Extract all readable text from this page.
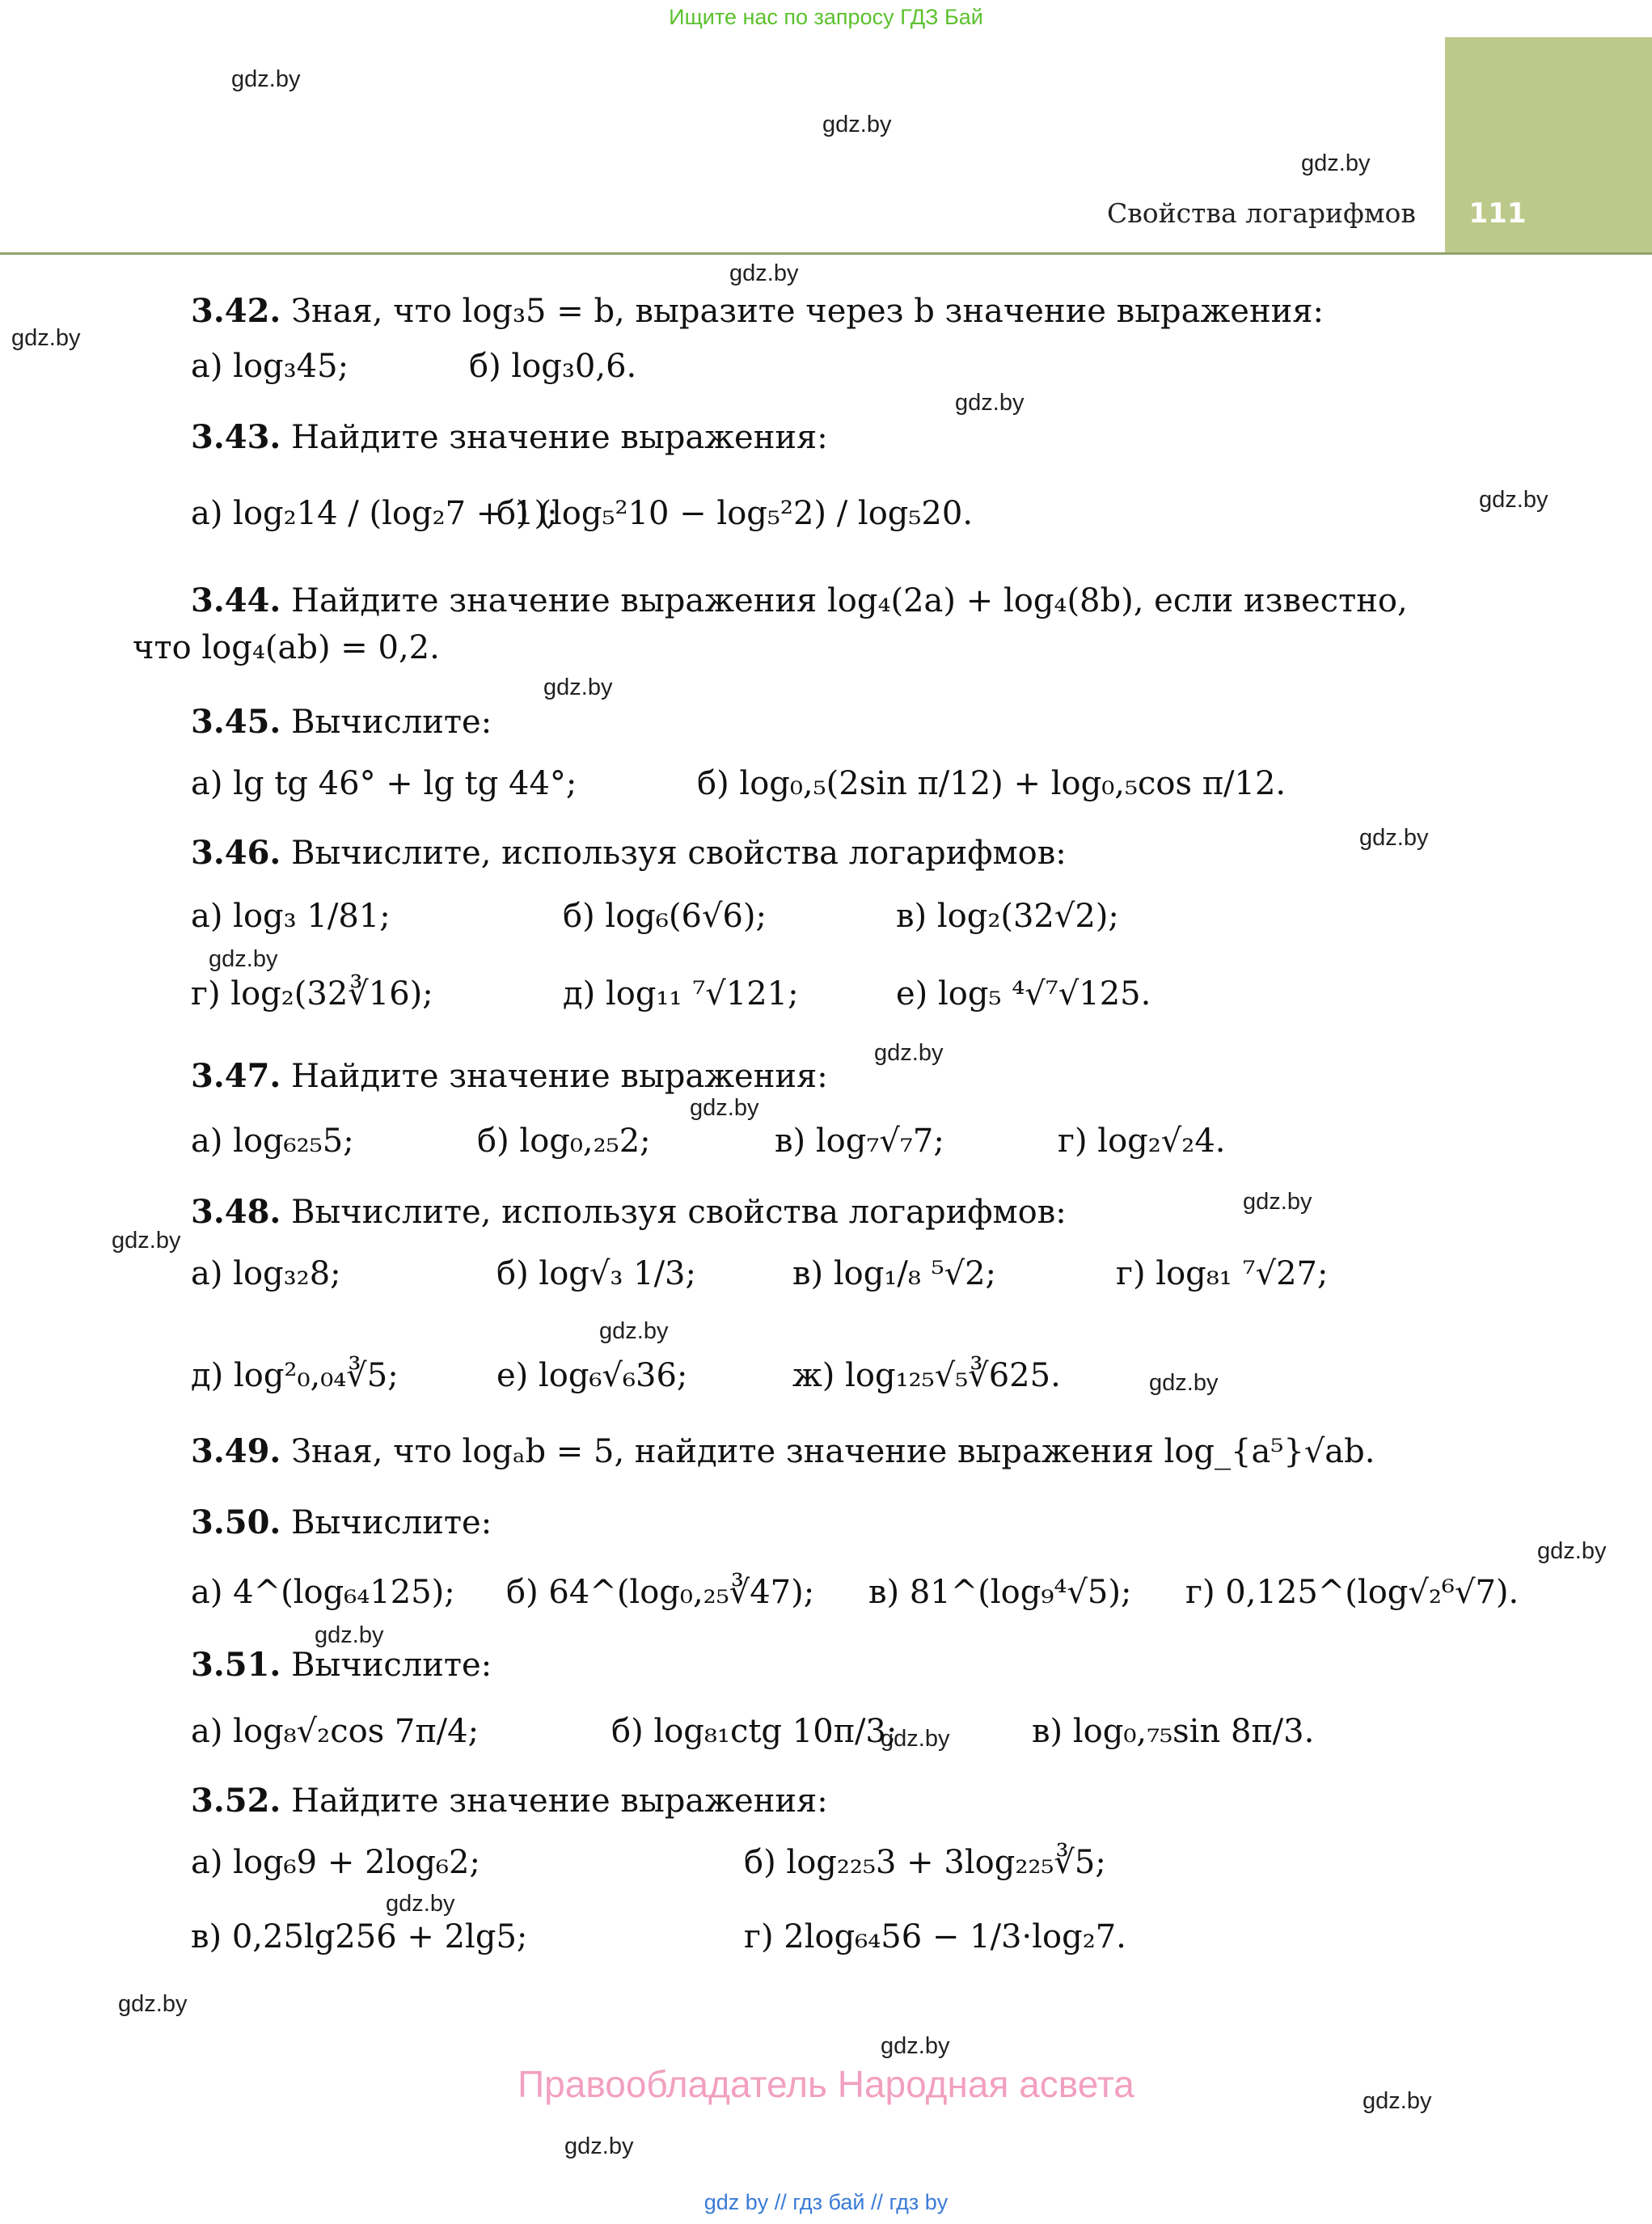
Ищите нас по запросу ГДЗ Бай
111
Свойства логарифмов
gdz.by
gdz.by
gdz.by
gdz.by
gdz.by
gdz.by
gdz.by
gdz.by
gdz.by
gdz.by
gdz.by
gdz.by
gdz.by
gdz.by
gdz.by
gdz.by
gdz.by
gdz.by
gdz.by
gdz.by
gdz.by
gdz.by
gdz.by
gdz.by
3.42. Зная, что log₃5 = b, выразите через b значение выражения:
а) log₃45;	б) log₃0,6.
3.43. Найдите значение выражения:
а) log₂14 / (log₂7 + 1);
б) (log₅²10 − log₅²2) / log₅20.
3.44. Найдите значение выражения log₄(2a) + log₄(8b), если известно,
что log₄(ab) = 0,2.
3.45. Вычислите:
а) lg tg 46° + lg tg 44°;	б) log₀,₅(2sin π/12) + log₀,₅cos π/12.
3.46. Вычислите, используя свойства логарифмов:
а) log₃ 1/81;	б) log₆(6√6);	в) log₂(32√2);
г) log₂(32∛16);	д) log₁₁ ⁷√121;	е) log₅ ⁴√⁷√125.
3.47. Найдите значение выражения:
а) log₆₂₅5;	б) log₀,₂₅2;	в) log₇√₇7;	г) log₂√₂4.
3.48. Вычислите, используя свойства логарифмов:
а) log₃₂8;	б) log√₃ 1/3;	в) log₁/₈ ⁵√2;	г) log₈₁ ⁷√27;
д) log²₀,₀₄∛5;	е) log₆√₆36;	ж) log₁₂₅√₅∛625.
3.49. Зная, что logₐb = 5, найдите значение выражения log_{a⁵}√ab.
3.50. Вычислите:
а) 4^(log₆₄125); б) 64^(log₀,₂₅∛47); в) 81^(log₉⁴√5); г) 0,125^(log√₂⁶√7).
3.51. Вычислите:
а) log₈√₂cos 7π/4;	б) log₈₁ctg 10π/3;	в) log₀,₇₅sin 8π/3.
3.52. Найдите значение выражения:
а) log₆9 + 2log₆2;	б) log₂₂₅3 + 3log₂₂₅∛5;
в) 0,25lg256 + 2lg5;	г) 2log₆₄56 − 1/3·log₂7.
Правообладатель Народная асвета
gdz by // гдз бай // гдз by
